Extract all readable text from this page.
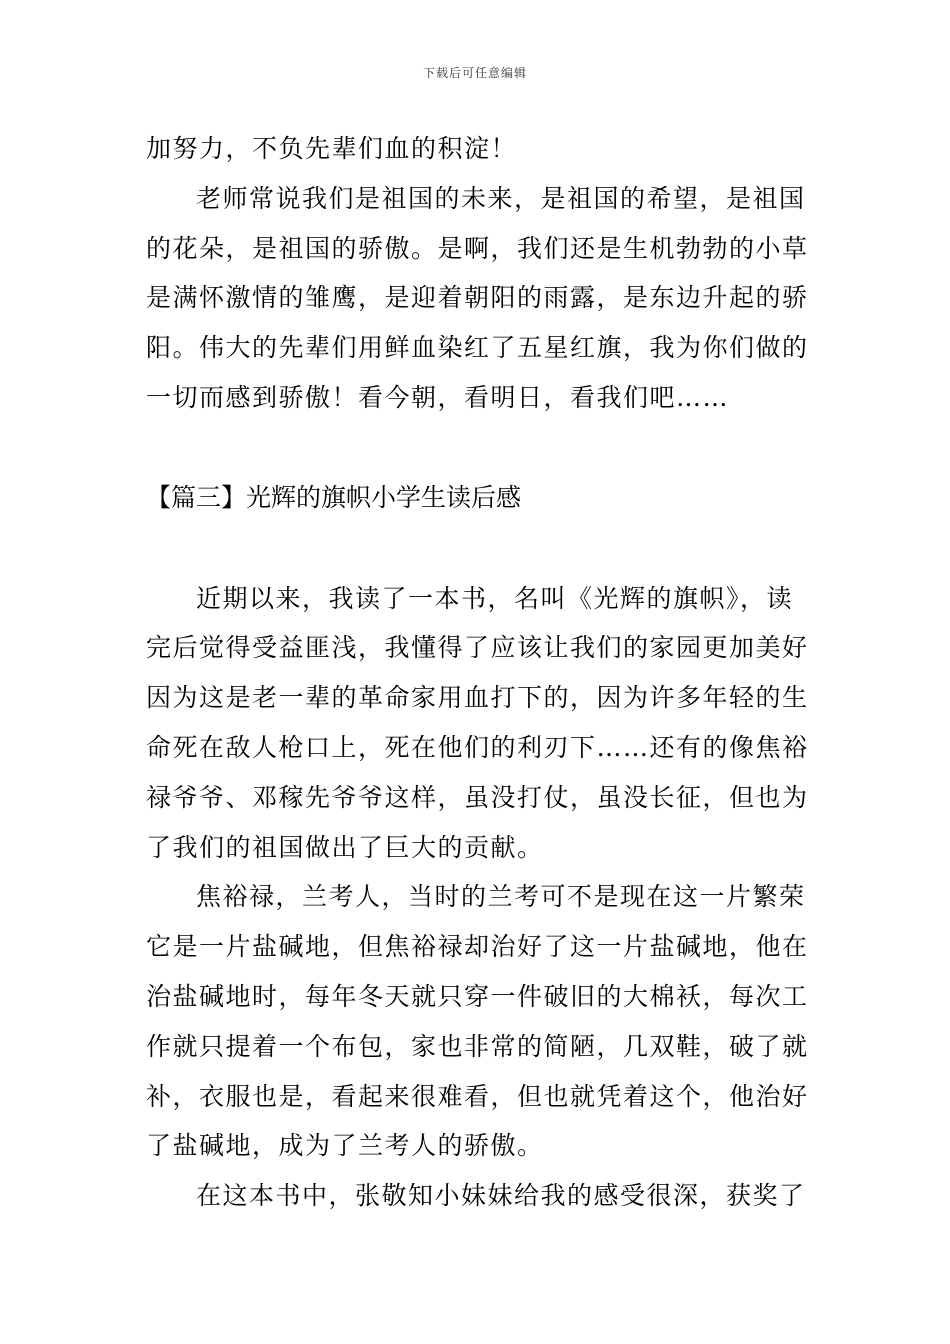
下载后可任意编辑
加努力，不负先辈们血的积淀！
老师常说我们是祖国的未来，是祖国的希望，是祖国
的花朵，是祖国的骄傲。是啊，我们还是生机勃勃的小草
是满怀激情的雏鹰，是迎着朝阳的雨露，是东边升起的骄
阳。伟大的先辈们用鲜血染红了五星红旗，我为你们做的
一切而感到骄傲！看今朝，看明日，看我们吧……
【篇三】光辉的旗帜小学生读后感
近期以来，我读了一本书，名叫《光辉的旗帜》，读
完后觉得受益匪浅，我懂得了应该让我们的家园更加美好
因为这是老一辈的革命家用血打下的，因为许多年轻的生
命死在敌人枪口上，死在他们的利刃下……还有的像焦裕
禄爷爷、邓稼先爷爷这样，虽没打仗，虽没长征，但也为
了我们的祖国做出了巨大的贡献。
焦裕禄，兰考人，当时的兰考可不是现在这一片繁荣
它是一片盐碱地，但焦裕禄却治好了这一片盐碱地，他在
治盐碱地时，每年冬天就只穿一件破旧的大棉袄，每次工
作就只提着一个布包，家也非常的简陋，几双鞋，破了就
补，衣服也是，看起来很难看，但也就凭着这个，他治好
了盐碱地，成为了兰考人的骄傲。
在这本书中，张敬知小妹妹给我的感受很深，获奖了
